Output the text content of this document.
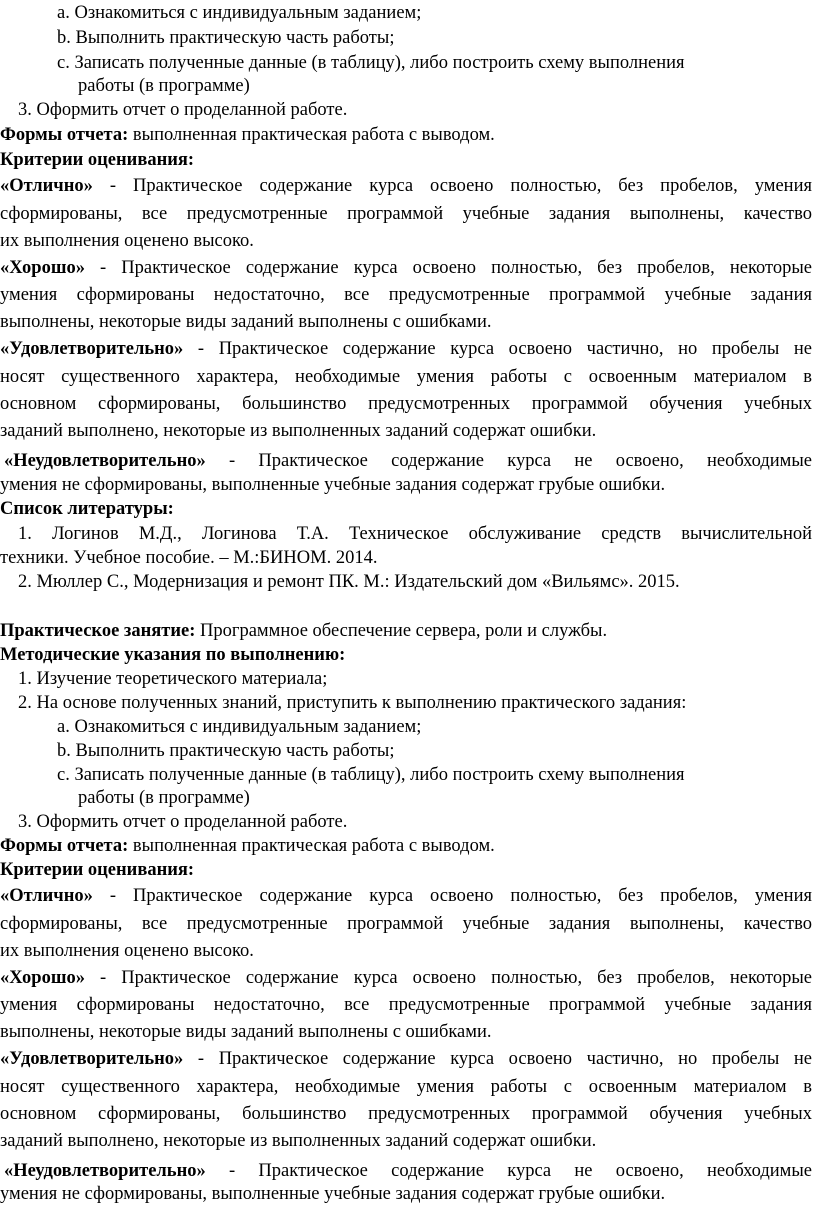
a. Ознакомиться с индивидуальным заданием;
b. Выполнить практическую часть работы;
c. Записать полученные данные (в таблицу), либо построить схему выполнения
работы (в программе)
3. Оформить отчет о проделанной работе.
Формы отчета: выполненная практическая работа с выводом.
Критерии оценивания:
«Отлично» - Практическое содержание курса освоено полностью, без пробелов, умения
сформированы, все предусмотренные программой учебные задания выполнены, качество
их выполнения оценено высоко.
«Хорошо» - Практическое содержание курса освоено полностью, без пробелов, некоторые
умения сформированы недостаточно, все предусмотренные программой учебные задания
выполнены, некоторые виды заданий выполнены с ошибками.
«Удовлетворительно» - Практическое содержание курса освоено частично, но пробелы не
носят существенного характера, необходимые умения работы с освоенным материалом в
основном сформированы, большинство предусмотренных программой обучения учебных
заданий выполнено, некоторые из выполненных заданий содержат ошибки.
«Неудовлетворительно» - Практическое содержание курса не освоено, необходимые
умения не сформированы, выполненные учебные задания содержат грубые ошибки.
Список литературы:
1. Логинов М.Д., Логинова Т.А. Техническое обслуживание средств вычислительной
техники. Учебное пособие. – М.:БИНОМ. 2014.
2. Мюллер С., Модернизация и ремонт ПК. М.: Издательский дом «Вильямс». 2015.
Практическое занятие: Программное обеспечение сервера, роли и службы.
Методические указания по выполнению:
1. Изучение теоретического материала;
2. На основе полученных знаний, приступить к выполнению практического задания:
a. Ознакомиться с индивидуальным заданием;
b. Выполнить практическую часть работы;
c. Записать полученные данные (в таблицу), либо построить схему выполнения
работы (в программе)
3. Оформить отчет о проделанной работе.
Формы отчета: выполненная практическая работа с выводом.
Критерии оценивания:
«Отлично» - Практическое содержание курса освоено полностью, без пробелов, умения
сформированы, все предусмотренные программой учебные задания выполнены, качество
их выполнения оценено высоко.
«Хорошо» - Практическое содержание курса освоено полностью, без пробелов, некоторые
умения сформированы недостаточно, все предусмотренные программой учебные задания
выполнены, некоторые виды заданий выполнены с ошибками.
«Удовлетворительно» - Практическое содержание курса освоено частично, но пробелы не
носят существенного характера, необходимые умения работы с освоенным материалом в
основном сформированы, большинство предусмотренных программой обучения учебных
заданий выполнено, некоторые из выполненных заданий содержат ошибки.
«Неудовлетворительно» - Практическое содержание курса не освоено, необходимые
умения не сформированы, выполненные учебные задания содержат грубые ошибки.
